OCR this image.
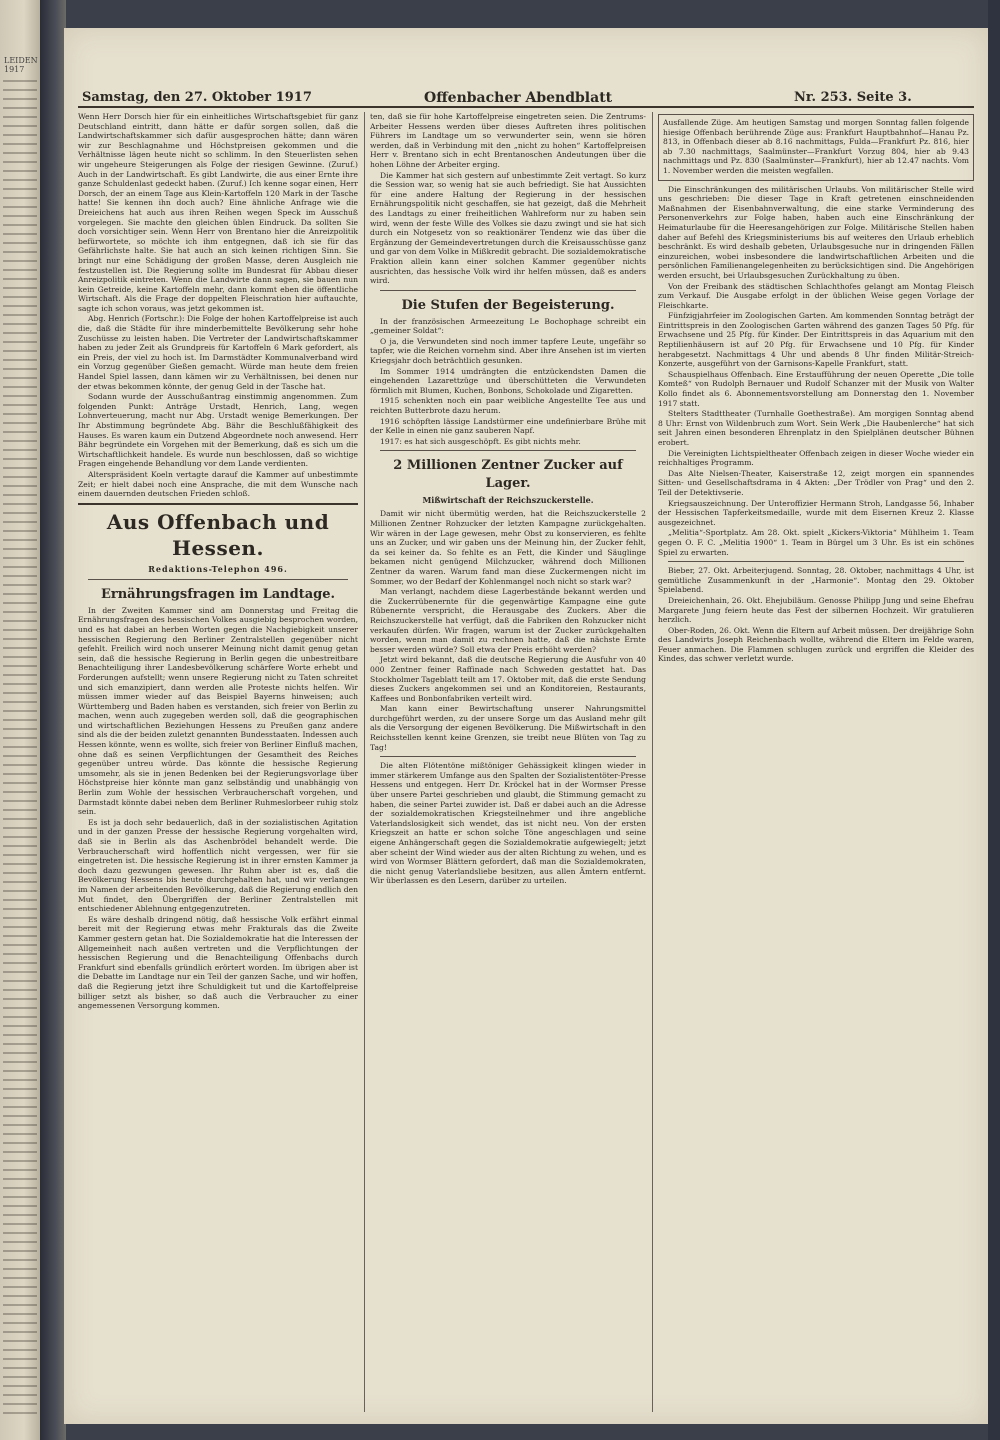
LEIDEN 1917
Samstag, den 27. Oktober 1917	Offenbacher Abendblatt	Nr. 253. Seite 3.

Wenn Herr Dorsch hier für ein einheitliches Wirtschaftsgebiet für ganz Deutschland eintritt, dann hätte er dafür sorgen sollen, daß die Landwirtschaftskammer sich dafür ausgesprochen hätte; dann wären wir zur Beschlagnahme und Höchstpreisen gekommen und die Verhältnisse lägen heute nicht so schlimm. In den Steuerlisten sehen wir ungeheure Steigerungen als Folge der riesigen Gewinne. (Zuruf.) Auch in der Landwirtschaft. Es gibt Landwirte, die aus einer Ernte ihre ganze Schuldenlast gedeckt haben. (Zuruf.) Ich kenne sogar einen, Herr Dorsch, der an einem Tage aus Klein-Kartoffeln 120 Mark in der Tasche hatte! Sie kennen ihn doch auch? Eine ähnliche Anfrage wie die Dreieichens hat auch aus ihren Reihen wegen Speck im Ausschuß vorgelegen. Sie machte den gleichen üblen Eindruck. Da sollten Sie doch vorsichtiger sein. Wenn Herr von Brentano hier die Anreizpolitik befürwortete, so möchte ich ihm entgegnen, daß ich sie für das Gefährlichste halte. Sie hat auch an sich keinen richtigen Sinn. Sie bringt nur eine Schädigung der großen Masse, deren Ausgleich nie festzustellen ist. Die Regierung sollte im Bundesrat für Abbau dieser Anreizpolitik eintreten. Wenn die Landwirte dann sagen, sie bauen nun kein Getreide, keine Kartoffeln mehr, dann kommt eben die öffentliche Wirtschaft. Als die Frage der doppelten Fleischration hier auftauchte, sagte ich schon voraus, was jetzt gekommen ist.

Abg. Henrich (Fortschr.): Die Folge der hohen Kartoffelpreise ist auch die, daß die Städte für ihre minderbemittelte Bevölkerung sehr hohe Zuschüsse zu leisten haben. Die Vertreter der Landwirtschaftskammer haben zu jeder Zeit als Grundpreis für Kartoffeln 6 Mark gefordert, als ein Preis, der viel zu hoch ist. Im Darmstädter Kommunalverband wird ein Vorzug gegenüber Gießen gemacht. Würde man heute dem freien Handel Spiel lassen, dann kämen wir zu Verhältnissen, bei denen nur der etwas bekommen könnte, der genug Geld in der Tasche hat.

Sodann wurde der Ausschußantrag einstimmig angenommen. Zum folgenden Punkt: Anträge Urstadt, Henrich, Lang, wegen Lohnverteuerung, macht nur Abg. Urstadt wenige Bemerkungen. Der Ihr Abstimmung begründete Abg. Bähr die Beschlußfähigkeit des Hauses. Es waren kaum ein Dutzend Abgeordnete noch anwesend. Herr Bähr begründete ein Vorgehen mit der Bemerkung, daß es sich um die Wirtschaftlichkeit handele. Es wurde nun beschlossen, daß so wichtige Fragen eingehende Behandlung vor dem Lande verdienten.

Alterspräsident Koeln vertagte darauf die Kammer auf unbestimmte Zeit; er hielt dabei noch eine Ansprache, die mit dem Wunsche nach einem dauernden deutschen Frieden schloß.

Aus Offenbach und Hessen.
Redaktions-Telephon 496.
Ernährungsfragen im Landtage.

In der Zweiten Kammer sind am Donnerstag und Freitag die Ernährungsfragen des hessischen Volkes ausgiebig besprochen worden, und es hat dabei an herben Worten gegen die Nachgiebigkeit unserer hessischen Regierung den Berliner Zentralstellen gegenüber nicht gefehlt. Freilich wird noch unserer Meinung nicht damit genug getan sein, daß die hessische Regierung in Berlin gegen die unbestreitbare Benachteiligung ihrer Landesbevölkerung schärfere Worte erhebt und Forderungen aufstellt; wenn unsere Regierung nicht zu Taten schreitet und sich emanzipiert, dann werden alle Proteste nichts helfen. Wir müssen immer wieder auf das Beispiel Bayerns hinweisen; auch Württemberg und Baden haben es verstanden, sich freier von Berlin zu machen, wenn auch zugegeben werden soll, daß die geographischen und wirtschaftlichen Beziehungen Hessens zu Preußen ganz andere sind als die der beiden zuletzt genannten Bundesstaaten. Indessen auch Hessen könnte, wenn es wollte, sich freier von Berliner Einfluß machen, ohne daß es seinen Verpflichtungen der Gesamtheit des Reiches gegenüber untreu würde. Das könnte die hessische Regierung umsomehr, als sie in jenen Bedenken bei der Regierungsvorlage über Höchstpreise hier könnte man ganz selbständig und unabhängig von Berlin zum Wohle der hessischen Verbraucherschaft vorgehen, und Darmstadt könnte dabei neben dem Berliner Ruhmeslorbeer ruhig stolz sein.

Es ist ja doch sehr bedauerlich, daß in der sozialistischen Agitation und in der ganzen Presse der hessische Regierung vorgehalten wird, daß sie in Berlin als das Aschenbrödel behandelt werde. Die Verbraucherschaft wird hoffentlich nicht vergessen, wer für sie eingetreten ist. Die hessische Regierung ist in ihrer ernsten Kammer ja doch dazu gezwungen gewesen. Ihr Ruhm aber ist es, daß die Bevölkerung Hessens bis heute durchgehalten hat, und wir verlangen im Namen der arbeitenden Bevölkerung, daß die Regierung endlich den Mut findet, den Übergriffen der Berliner Zentralstellen mit entschiedener Ablehnung entgegenzutreten.

Es wäre deshalb dringend nötig, daß hessische Volk erfährt einmal bereit mit der Regierung etwas mehr Frakturals das die Zweite Kammer gestern getan hat. Die Sozialdemokratie hat die Interessen der Allgemeinheit nach außen vertreten und die Verpflichtungen der hessischen Regierung und die Benachteiligung Offenbachs durch Frankfurt sind ebenfalls gründlich erörtert worden. Im übrigen aber ist die Debatte im Landtage nur ein Teil der ganzen Sache, und wir hoffen, daß die Regierung jetzt ihre Schuldigkeit tut und die Kartoffelpreise billiger setzt als bisher, so daß auch die Verbraucher zu einer angemessenen Versorgung kommen.

ten, daß sie für hohe Kartoffelpreise eingetreten seien. Die Zentrums-Arbeiter Hessens werden über dieses Auftreten ihres politischen Führers im Landtage um so verwunderter sein, wenn sie hören werden, daß in Verbindung mit den „nicht zu hohen“ Kartoffelpreisen Herr v. Brentano sich in echt Brentanoschen Andeutungen über die hohen Löhne der Arbeiter erging.

Die Kammer hat sich gestern auf unbestimmte Zeit vertagt. So kurz die Session war, so wenig hat sie auch befriedigt. Sie hat Aussichten für eine andere Haltung der Regierung in der hessischen Ernährungspolitik nicht geschaffen, sie hat gezeigt, daß die Mehrheit des Landtags zu einer freiheitlichen Wahlreform nur zu haben sein wird, wenn der feste Wille des Volkes sie dazu zwingt und sie hat sich durch ein Notgesetz von so reaktionärer Tendenz wie das über die Ergänzung der Gemeindevertretungen durch die Kreisausschüsse ganz und gar von dem Volke in Mißkredit gebracht. Die sozialdemokratische Fraktion allein kann einer solchen Kammer gegenüber nichts ausrichten, das hessische Volk wird ihr helfen müssen, daß es anders wird.

Die Stufen der Begeisterung.

In der französischen Armeezeitung Le Bochophage schreibt ein „gemeiner Soldat“:

O ja, die Verwundeten sind noch immer tapfere Leute, ungefähr so tapfer, wie die Reichen vornehm sind. Aber ihre Ansehen ist im vierten Kriegsjahr doch beträchtlich gesunken.

Im Sommer 1914 umdrängten die entzückendsten Damen die eingehenden Lazarettzüge und überschütteten die Verwundeten förmlich mit Blumen, Kuchen, Bonbons, Schokolade und Zigaretten.

1915 schenkten noch ein paar weibliche Angestellte Tee aus und reichten Butterbrote dazu herum.

1916 schöpften lässige Landstürmer eine undefinierbare Brühe mit der Kelle in einen nie ganz sauberen Napf.

1917: es hat sich ausgeschöpft. Es gibt nichts mehr.

2 Millionen Zentner Zucker auf Lager.
Mißwirtschaft der Reichszuckerstelle.

Damit wir nicht übermütig werden, hat die Reichszuckerstelle 2 Millionen Zentner Rohzucker der letzten Kampagne zurückgehalten. Wir wären in der Lage gewesen, mehr Obst zu konservieren, es fehlte uns an Zucker, und wir gaben uns der Meinung hin, der Zucker fehlt, da sei keiner da. So fehlte es an Fett, die Kinder und Säuglinge bekamen nicht genügend Milchzucker, während doch Millionen Zentner da waren. Warum fand man diese Zuckermengen nicht im Sommer, wo der Bedarf der Kohlenmangel noch nicht so stark war?

Man verlangt, nachdem diese Lagerbestände bekannt werden und die Zuckerrübenernte für die gegenwärtige Kampagne eine gute Rübenernte verspricht, die Herausgabe des Zuckers. Aber die Reichszuckerstelle hat verfügt, daß die Fabriken den Rohzucker nicht verkaufen dürfen. Wir fragen, warum ist der Zucker zurückgehalten worden, wenn man damit zu rechnen hatte, daß die nächste Ernte besser werden würde? Soll etwa der Preis erhöht werden?

Jetzt wird bekannt, daß die deutsche Regierung die Ausfuhr von 40 000 Zentner feiner Raffinade nach Schweden gestattet hat. Das Stockholmer Tageblatt teilt am 17. Oktober mit, daß die erste Sendung dieses Zuckers angekommen sei und an Konditoreien, Restaurants, Kaffees und Bonbonfabriken verteilt wird.

Man kann einer Bewirtschaftung unserer Nahrungsmittel durchgeführt werden, zu der unsere Sorge um das Ausland mehr gilt als die Versorgung der eigenen Bevölkerung. Die Mißwirtschaft in den Reichsstellen kennt keine Grenzen, sie treibt neue Blüten von Tag zu Tag!

Die alten Flötentöne mißtöniger Gehässigkeit klingen wieder in immer stärkerem Umfange aus den Spalten der Sozialistentöter-Presse Hessens und entgegen. Herr Dr. Kröckel hat in der Wormser Presse über unsere Partei geschrieben und glaubt, die Stimmung gemacht zu haben, die seiner Partei zuwider ist. Daß er dabei auch an die Adresse der sozialdemokratischen Kriegsteilnehmer und ihre angebliche Vaterlandslosigkeit sich wendet, das ist nicht neu. Von der ersten Kriegszeit an hatte er schon solche Töne angeschlagen und seine eigene Anhängerschaft gegen die Sozialdemokratie aufgewiegelt; jetzt aber scheint der Wind wieder aus der alten Richtung zu wehen, und es wird von Wormser Blättern gefordert, daß man die Sozialdemokraten, die nicht genug Vaterlandsliebe besitzen, aus allen Ämtern entfernt. Wir überlassen es den Lesern, darüber zu urteilen.

Ausfallende Züge. Am heutigen Samstag und morgen Sonntag fallen folgende hiesige Offenbach berührende Züge aus: Frankfurt Hauptbahnhof—Hanau Pz. 813, in Offenbach dieser ab 8.16 nachmittags, Fulda—Frankfurt Pz. 816, hier ab 7.30 nachmittags, Saalmünster—Frankfurt Vorzug 804, hier ab 9.43 nachmittags und Pz. 830 (Saalmünster—Frankfurt), hier ab 12.47 nachts. Vom 1. November werden die meisten wegfallen.

Die Einschränkungen des militärischen Urlaubs. Von militärischer Stelle wird uns geschrieben: Die dieser Tage in Kraft getretenen einschneidenden Maßnahmen der Eisenbahnverwaltung, die eine starke Verminderung des Personenverkehrs zur Folge haben, haben auch eine Einschränkung der Heimaturlaube für die Heeresangehörigen zur Folge. Militärische Stellen haben daher auf Befehl des Kriegsministeriums bis auf weiteres den Urlaub erheblich beschränkt. Es wird deshalb gebeten, Urlaubsgesuche nur in dringenden Fällen einzureichen, wobei insbesondere die landwirtschaftlichen Arbeiten und die persönlichen Familienangelegenheiten zu berücksichtigen sind. Die Angehörigen werden ersucht, bei Urlaubsgesuchen Zurückhaltung zu üben.

Von der Freibank des städtischen Schlachthofes gelangt am Montag Fleisch zum Verkauf. Die Ausgabe erfolgt in der üblichen Weise gegen Vorlage der Fleischkarte.

Fünfzigjahrfeier im Zoologischen Garten. Am kommenden Sonntag beträgt der Eintrittspreis in den Zoologischen Garten während des ganzen Tages 50 Pfg. für Erwachsene und 25 Pfg. für Kinder. Der Eintrittspreis in das Aquarium mit den Reptilienhäusern ist auf 20 Pfg. für Erwachsene und 10 Pfg. für Kinder herabgesetzt. Nachmittags 4 Uhr und abends 8 Uhr finden Militär-Streich-Konzerte, ausgeführt von der Garnisons-Kapelle Frankfurt, statt.

Schauspielhaus Offenbach. Eine Erstaufführung der neuen Operette „Die tolle Komteß“ von Rudolph Bernauer und Rudolf Schanzer mit der Musik von Walter Kollo findet als 6. Abonnementsvorstellung am Donnerstag den 1. November 1917 statt.

Stelters Stadttheater (Turnhalle Goethestraße). Am morgigen Sonntag abend 8 Uhr: Ernst von Wildenbruch zum Wort. Sein Werk „Die Haubenlerche“ hat sich seit Jahren einen besonderen Ehrenplatz in den Spielplänen deutscher Bühnen erobert.

Die Vereinigten Lichtspieltheater Offenbach zeigen in dieser Woche wieder ein reichhaltiges Programm.

Das Alte Nielsen-Theater, Kaiserstraße 12, zeigt morgen ein spannendes Sitten- und Gesellschaftsdrama in 4 Akten: „Der Trödler von Prag“ und den 2. Teil der Detektivserie.

Kriegsauszeichnung. Der Unteroffizier Hermann Stroh, Landgasse 56, Inhaber der Hessischen Tapferkeitsmedaille, wurde mit dem Eisernen Kreuz 2. Klasse ausgezeichnet.

„Melitia“-Sportplatz. Am 28. Okt. spielt „Kickers-Viktoria“ Mühlheim 1. Team gegen O. F. C. „Melitia 1900“ 1. Team in Bürgel um 3 Uhr. Es ist ein schönes Spiel zu erwarten.

Bieber, 27. Okt. Arbeiterjugend. Sonntag, 28. Oktober, nachmittags 4 Uhr, ist gemütliche Zusammenkunft in der „Harmonie“. Montag den 29. Oktober Spielabend.

Dreieichenhain, 26. Okt. Ehejubiläum. Genosse Philipp Jung und seine Ehefrau Margarete Jung feiern heute das Fest der silbernen Hochzeit. Wir gratulieren herzlich.

Ober-Roden, 26. Okt. Wenn die Eltern auf Arbeit müssen. Der dreijährige Sohn des Landwirts Joseph Reichenbach wollte, während die Eltern im Felde waren, Feuer anmachen. Die Flammen schlugen zurück und ergriffen die Kleider des Kindes, das schwer verletzt wurde.
